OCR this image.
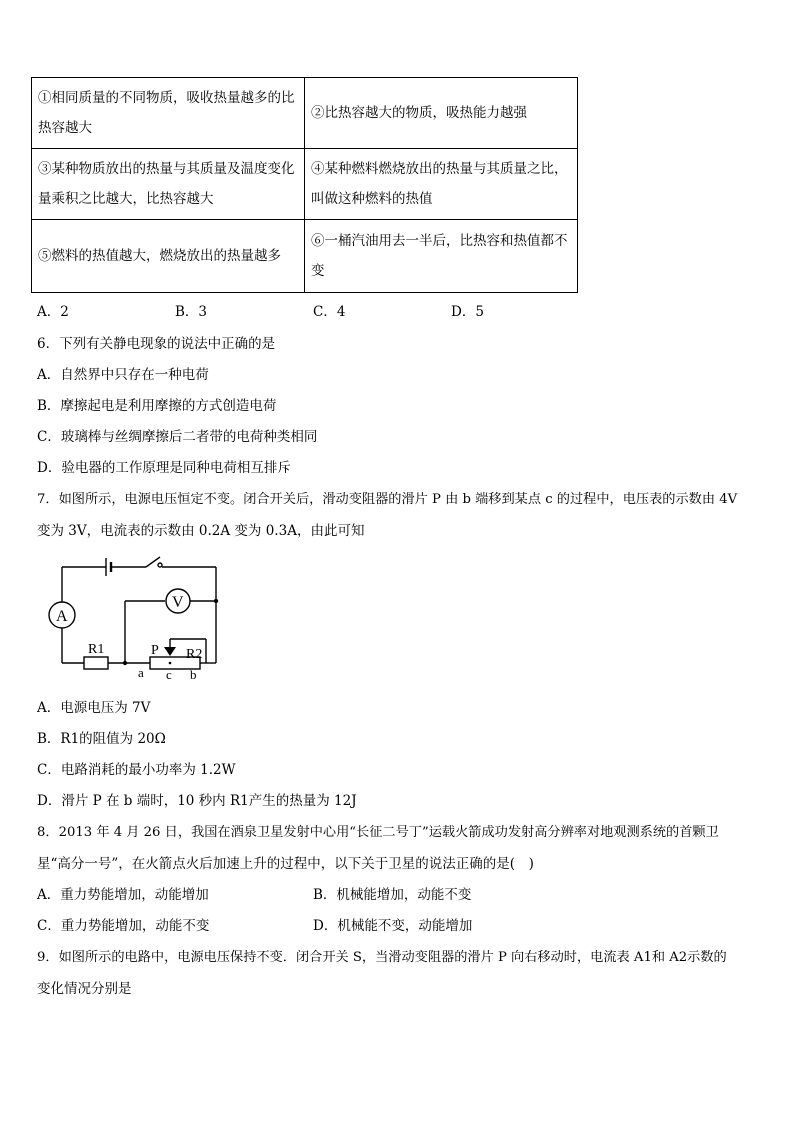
①相同质量的不同物质，吸收热量越多的比热容越大	②比热容越大的物质，吸热能力越强
③某种物质放出的热量与其质量及温度变化量乘积之比越大，比热容越大	④某种燃料燃烧放出的热量与其质量之比，叫做这种燃料的热值
⑤燃料的热值越大，燃烧放出的热量越多	⑥一桶汽油用去一半后，比热容和热值都不变
A．2	B．3	C．4	D．5
6．下列有关静电现象的说法中正确的是
A．自然界中只存在一种电荷
B．摩擦起电是利用摩擦的方式创造电荷
C．玻璃棒与丝绸摩擦后二者带的电荷种类相同
D．验电器的工作原理是同种电荷相互排斥
7．如图所示，电源电压恒定不变。闭合开关后，滑动变阻器的滑片 P 由 b 端移到某点 c 的过程中，电压表的示数由 4V
变为 3V，电流表的示数由 0.2A 变为 0.3A，由此可知
A
V
R1	R2
P
a c b
A．电源电压为 7V
B．R1的阻值为 20Ω
C．电路消耗的最小功率为 1.2W
D．滑片 P 在 b 端时，10 秒内 R1产生的热量为 12J
8．2013 年 4 月 26 日，我国在酒泉卫星发射中心用“长征二号丁”运载火箭成功发射高分辨率对地观测系统的首颗卫
星“高分一号”，在火箭点火后加速上升的过程中，以下关于卫星的说法正确的是(　)
A．重力势能增加，动能增加	B．机械能增加，动能不变
C．重力势能增加，动能不变	D．机械能不变，动能增加
9．如图所示的电路中，电源电压保持不变．闭合开关 S，当滑动变阻器的滑片 P 向右移动时，电流表 A1和 A2示数的
变化情况分别是
